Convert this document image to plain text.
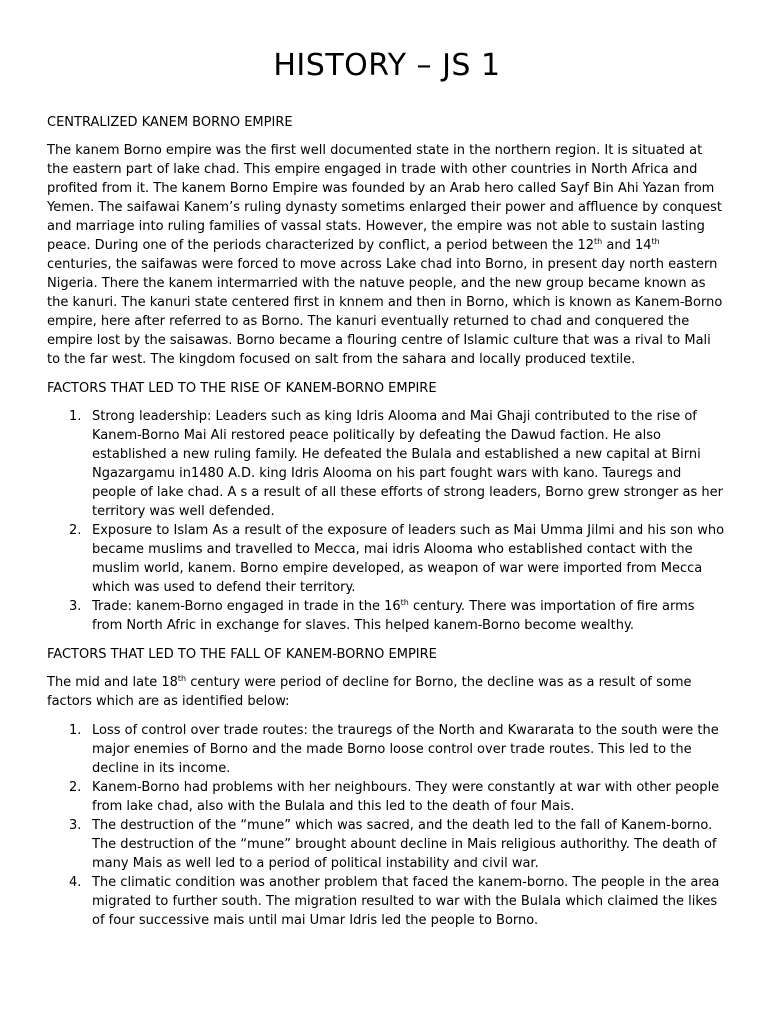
HISTORY – JS 1

CENTRALIZED KANEM BORNO EMPIRE

The kanem Borno empire was the first well documented state in the northern region. It is situated at the eastern part of lake chad. This empire engaged in trade with other countries in North Africa and profited from it. The kanem Borno Empire was founded by an Arab hero called Sayf Bin Ahi Yazan from Yemen. The saifawai Kanem’s ruling dynasty sometims enlarged their power and affluence by conquest and marriage into ruling families of vassal stats. However, the empire was not able to sustain lasting peace. During one of the periods characterized by conflict, a period between the 12th and 14th centuries, the saifawas were forced to move across Lake chad into Borno, in present day north eastern Nigeria. There the kanem intermarried with the natuve people, and the new group became known as the kanuri. The kanuri state centered first in knnem and then in Borno, which is known as Kanem-Borno empire, here after referred to as Borno. The kanuri eventually returned to chad and conquered the empire lost by the saisawas. Borno became a flouring centre of Islamic culture that was a rival to Mali to the far west. The kingdom focused on salt from the sahara and locally produced textile.

FACTORS THAT LED TO THE RISE OF KANEM-BORNO EMPIRE

1. Strong leadership: Leaders such as king Idris Alooma and Mai Ghaji contributed to the rise of Kanem-Borno Mai Ali restored peace politically by defeating the Dawud faction. He also established a new ruling family. He defeated the Bulala and established a new capital at Birni Ngazargamu in1480 A.D. king Idris Alooma on his part fought wars with kano. Tauregs and people of lake chad. A s a result of all these efforts of strong leaders, Borno grew stronger as her territory was well defended.
2. Exposure to Islam As a result of the exposure of leaders such as Mai Umma Jilmi and his son who became muslims and travelled to Mecca, mai idris Alooma who established contact with the muslim world, kanem. Borno empire developed, as weapon of war were imported from Mecca which was used to defend their territory.
3. Trade: kanem-Borno engaged in trade in the 16th century. There was importation of fire arms from North Afric in exchange for slaves. This helped kanem-Borno become wealthy.

FACTORS THAT LED TO THE FALL OF KANEM-BORNO EMPIRE

The mid and late 18th century were period of decline for Borno, the decline was as a result of some factors which are as identified below:

1. Loss of control over trade routes: the trauregs of the North and Kwararata to the south were the major enemies of Borno and the made Borno loose control over trade routes. This led to the decline in its income.
2. Kanem-Borno had problems with her neighbours. They were constantly at war with other people from lake chad, also with the Bulala and this led to the death of four Mais.
3. The destruction of the “mune” which was sacred, and the death led to the fall of Kanem-borno. The destruction of the “mune” brought abount decline in Mais religious authorithy. The death of many Mais as well led to a period of political instability and civil war.
4. The climatic condition was another problem that faced the kanem-borno. The people in the area migrated to further south. The migration resulted to war with the Bulala which claimed the likes of four successive mais until mai Umar Idris led the people to Borno.
